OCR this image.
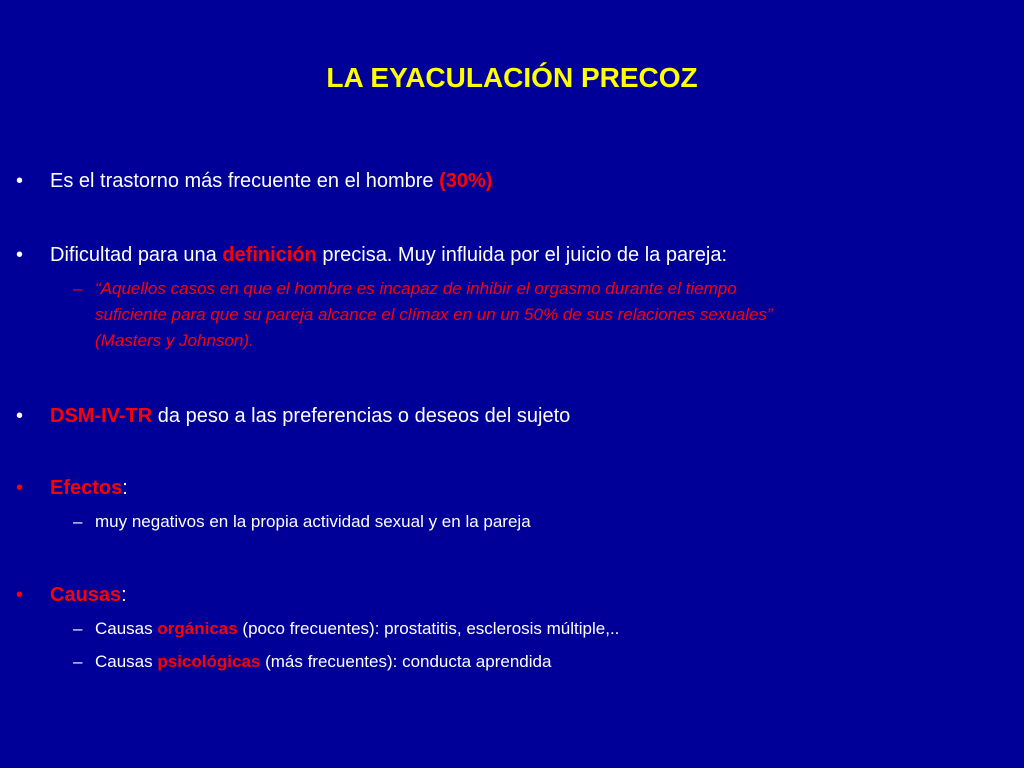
LA EYACULACIÓN PRECOZ
• Es el trastorno más frecuente en el hombre (30%)
• Dificultad para una definición precisa. Muy influida por el juicio de la pareja:
– “Aquellos casos en que el hombre es incapaz de inhibir el orgasmo durante el tiempo
suficiente para que su pareja alcance el clímax en un un 50% de sus relaciones sexuales”
(Masters y Johnson).
• DSM-IV-TR da peso a las preferencias o deseos del sujeto
• Efectos:
– muy negativos en la propia actividad sexual y en la pareja
• Causas:
– Causas orgánicas (poco frecuentes): prostatitis, esclerosis múltiple,..
– Causas psicológicas (más frecuentes): conducta aprendida
